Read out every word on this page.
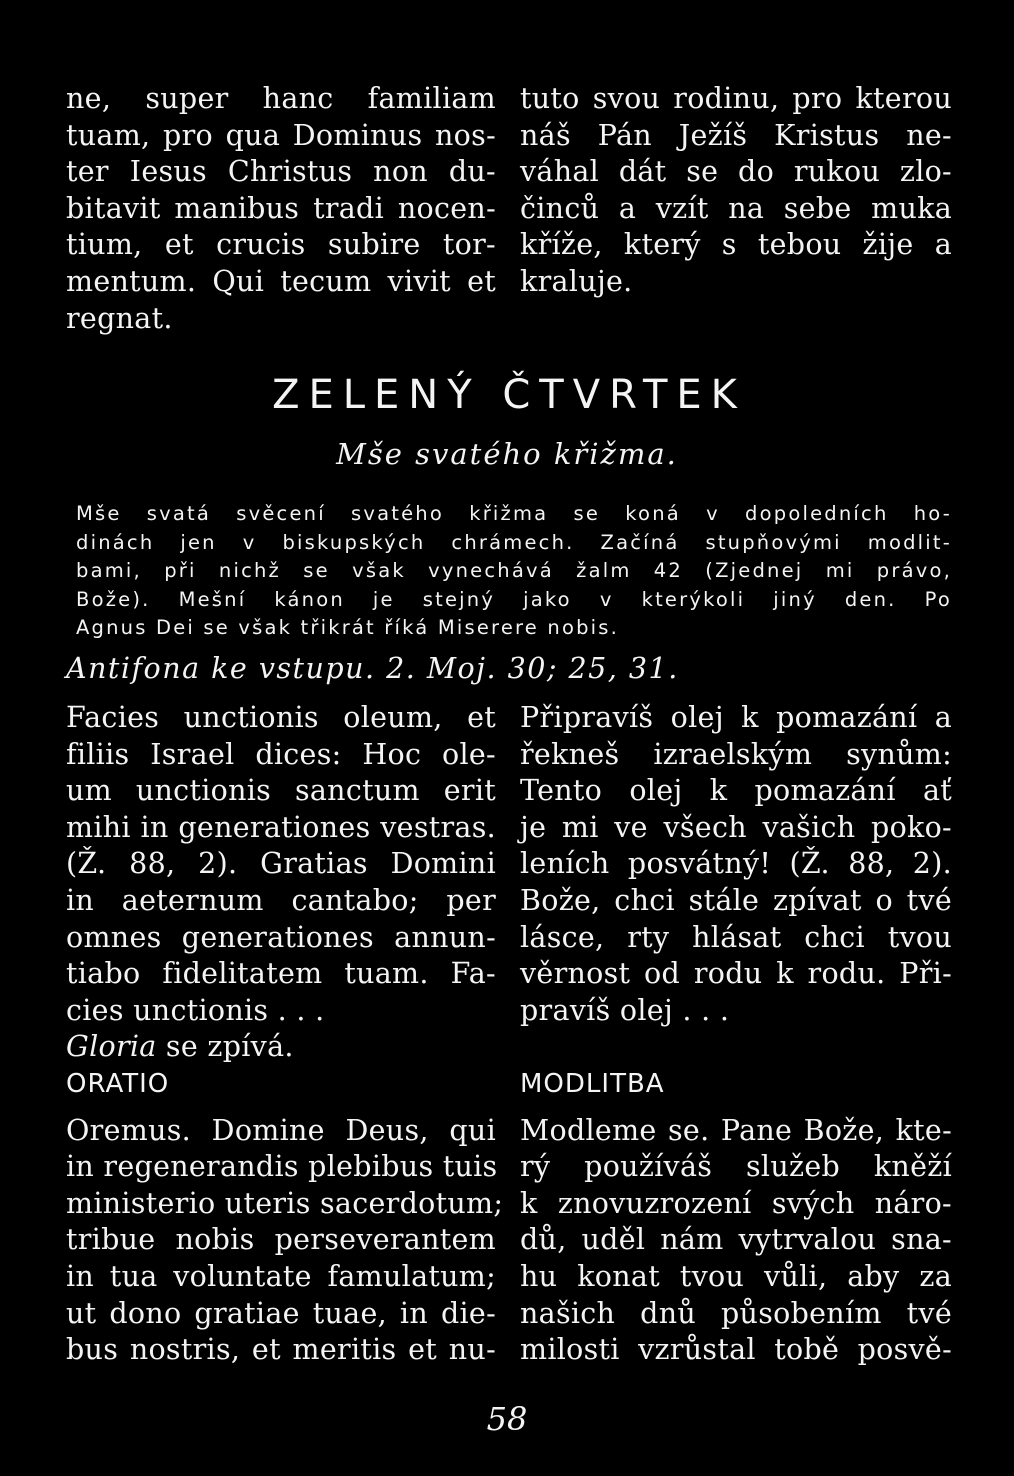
ne, super hanc familiam
tuam, pro qua Dominus nos-
ter Iesus Christus non du-
bitavit manibus tradi nocen-
tium, et crucis subire tor-
mentum. Qui tecum vivit et
regnat.
tuto svou rodinu, pro kterou
náš Pán Ježíš Kristus ne-
váhal dát se do rukou zlo-
činců a vzít na sebe muka
kříže, který s tebou žije a
kraluje.
ZELENÝ ČTVRTEK
Mše svatého křižma.
Mše svatá svěcení svatého křižma se koná v dopoledních ho-
dinách jen v biskupských chrámech. Začíná stupňovými modlit-
bami, při nichž se však vynechává žalm 42 (Zjednej mi právo,
Bože). Mešní kánon je stejný jako v kterýkoli jiný den. Po
Agnus Dei se však třikrát říká Miserere nobis.
Antifona ke vstupu. 2. Moj. 30; 25, 31.
Facies unctionis oleum, et
filiis Israel dices: Hoc ole-
um unctionis sanctum erit
mihi in generationes vestras.
(Ž. 88, 2). Gratias Domini
in aeternum cantabo; per
omnes generationes annun-
tiabo fidelitatem tuam. Fa-
cies unctionis . . .
Gloria se zpívá.
ORATIO
Oremus. Domine Deus, qui
in regenerandis plebibus tuis
ministerio uteris sacerdotum;
tribue nobis perseverantem
in tua voluntate famulatum;
ut dono gratiae tuae, in die-
bus nostris, et meritis et nu-
Připravíš olej k pomazání a
řekneš izraelským synům:
Tento olej k pomazání ať
je mi ve všech vašich poko-
leních posvátný! (Ž. 88, 2).
Bože, chci stále zpívat o tvé
lásce, rty hlásat chci tvou
věrnost od rodu k rodu. Při-
pravíš olej . . .

MODLITBA
Modleme se. Pane Bože, kte-
rý používáš služeb kněží
k znovuzrození svých náro-
dů, uděl nám vytrvalou sna-
hu konat tvou vůli, aby za
našich dnů působením tvé
milosti vzrůstal tobě posvě-
58
